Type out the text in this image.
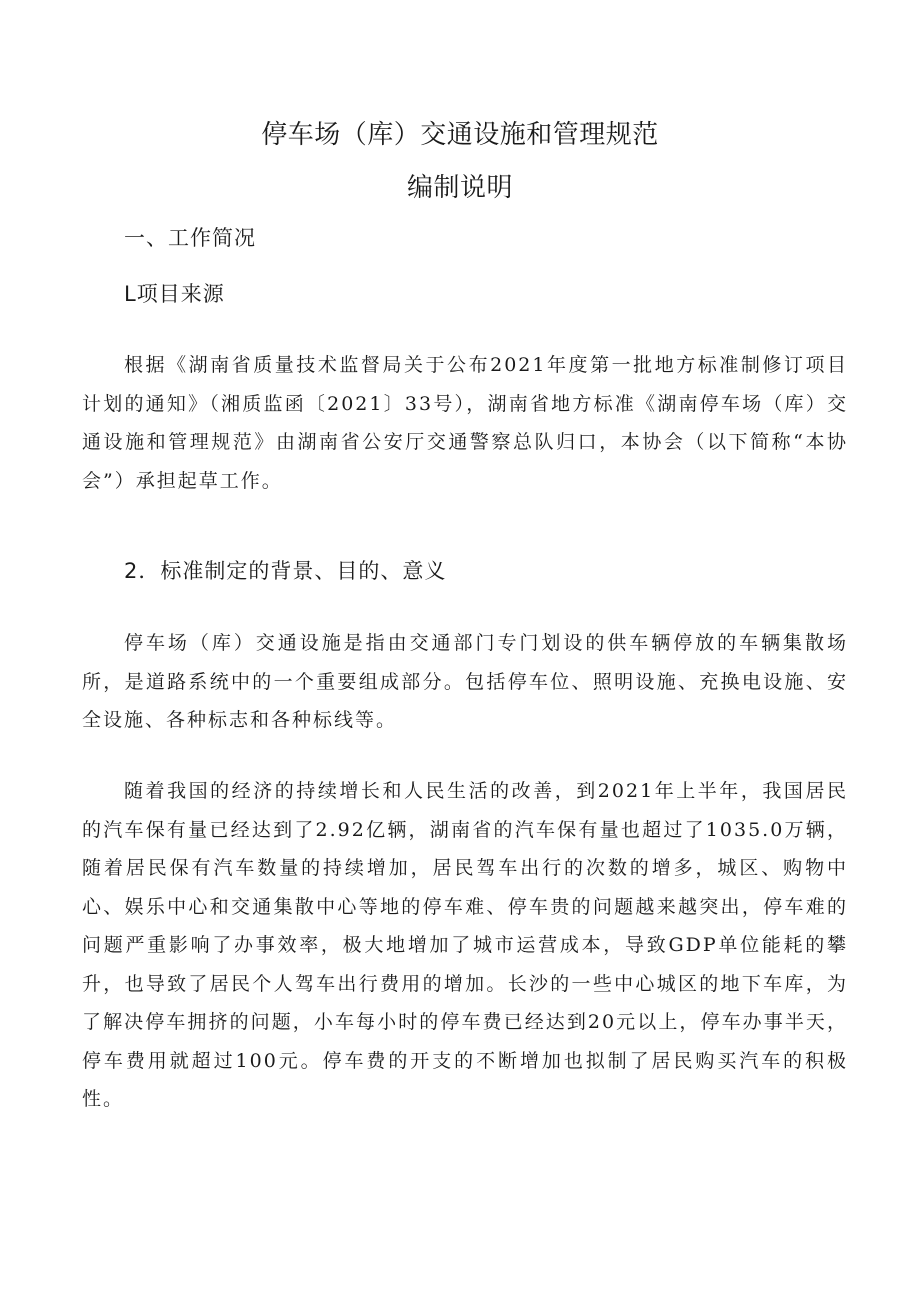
停车场（库）交通设施和管理规范
编制说明
一、工作简况
L项目来源

根据《湖南省质量技术监督局关于公布2021年度第一批地方标准制修订项目计划的通知》（湘质监函〔2021〕33号），湖南省地方标准《湖南停车场（库）交通设施和管理规范》由湖南省公安厅交通警察总队归口，本协会（以下简称“本协会”）承担起草工作。

2．标准制定的背景、目的、意义

停车场（库）交通设施是指由交通部门专门划设的供车辆停放的车辆集散场所，是道路系统中的一个重要组成部分。包括停车位、照明设施、充换电设施、安全设施、各种标志和各种标线等。

随着我国的经济的持续增长和人民生活的改善，到2021年上半年，我国居民的汽车保有量已经达到了2.92亿辆，湖南省的汽车保有量也超过了1035.0万辆，随着居民保有汽车数量的持续增加，居民驾车出行的次数的增多，城区、购物中心、娱乐中心和交通集散中心等地的停车难、停车贵的问题越来越突出，停车难的问题严重影响了办事效率，极大地增加了城市运营成本，导致GDP单位能耗的攀升，也导致了居民个人驾车出行费用的增加。长沙的一些中心城区的地下车库，为了解决停车拥挤的问题，小车每小时的停车费已经达到20元以上，停车办事半天，停车费用就超过100元。停车费的开支的不断增加也拟制了居民购买汽车的积极性。
